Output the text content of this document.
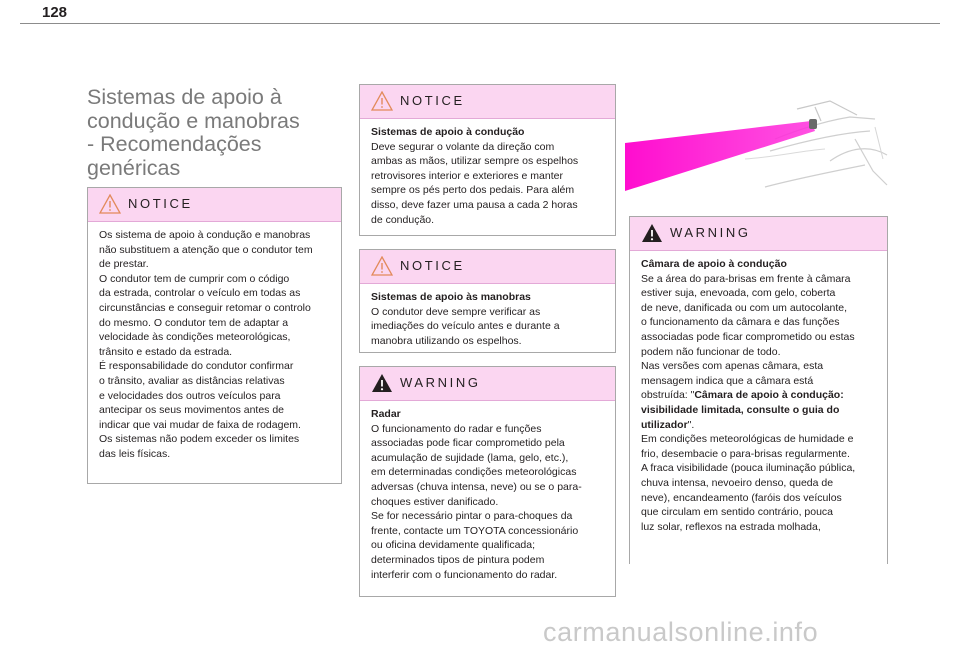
128
Sistemas de apoio à
condução e manobras
- Recomendações
genéricas
NOTICE

Os sistema de apoio à condução e manobras

não substituem a atenção que o condutor tem

de prestar.

O condutor tem de cumprir com o código

da estrada, controlar o veículo em todas as

circunstâncias e conseguir retomar o controlo

do mesmo. O condutor tem de adaptar a

velocidade às condições meteorológicas,

trânsito e estado da estrada.

É responsabilidade do condutor confirmar

o trânsito, avaliar as distâncias relativas

e velocidades dos outros veículos para

antecipar os seus movimentos antes de

indicar que vai mudar de faixa de rodagem.

Os sistemas não podem exceder os limites

das leis físicas.

NOTICE

Sistemas de apoio à condução

Deve segurar o volante da direção com

ambas as mãos, utilizar sempre os espelhos

retrovisores interior e exteriores e manter

sempre os pés perto dos pedais. Para além

disso, deve fazer uma pausa a cada 2 horas

de condução.

NOTICE

Sistemas de apoio às manobras

O condutor deve sempre verificar as

imediações do veículo antes e durante a

manobra utilizando os espelhos.

WARNING

Radar

O funcionamento do radar e funções

associadas pode ficar comprometido pela

acumulação de sujidade (lama, gelo, etc.),

em determinadas condições meteorológicas

adversas (chuva intensa, neve) ou se o para-

choques estiver danificado.

Se for necessário pintar o para-choques da

frente, contacte um TOYOTA concessionário

ou oficina devidamente qualificada;

determinados tipos de pintura podem

interferir com o funcionamento do radar.

WARNING

Câmara de apoio à condução

Se a área do para-brisas em frente à câmara

estiver suja, enevoada, com gelo, coberta

de neve, danificada ou com um autocolante,

o funcionamento da câmara e das funções

associadas pode ficar comprometido ou estas

podem não funcionar de todo.

Nas versões com apenas câmara, esta

mensagem indica que a câmara está

obstruída: "Câmara de apoio à condução:

visibilidade limitada, consulte o guia do

utilizador".

Em condições meteorológicas de humidade e

frio, desembacie o para-brisas regularmente.

A fraca visibilidade (pouca iluminação pública,

chuva intensa, nevoeiro denso, queda de

neve), encandeamento (faróis dos veículos

que circulam em sentido contrário, pouca

luz solar, reflexos na estrada molhada,

carmanualsonline.info
